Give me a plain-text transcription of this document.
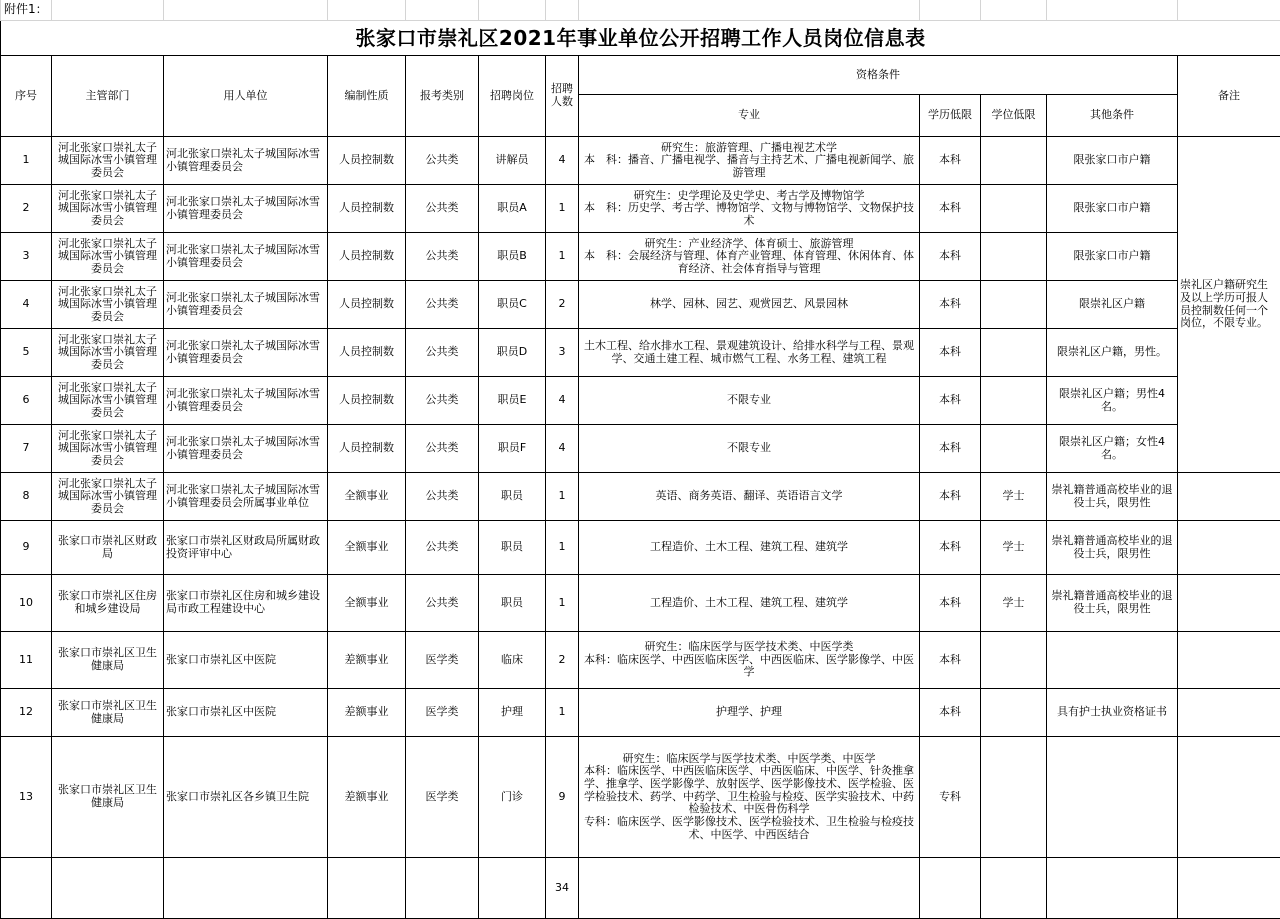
附件1：											
张家口市崇礼区2021年事业单位公开招聘工作人员岗位信息表											
序号	主管部门	用人单位	编制性质	报考类别	招聘岗位	招聘人数	资格条件				备注
							专业	学历低限	学位低限	其他条件	
1	河北张家口崇礼太子城国际冰雪小镇管理委员会	河北张家口崇礼太子城国际冰雪小镇管理委员会	人员控制数	公共类	讲解员	4	研究生：旅游管理、广播电视艺术学
本　科：播音、广播电视学、播音与主持艺术、广播电视新闻学、旅游管理	本科		限张家口市户籍	崇礼区户籍研究生及以上学历可报人员控制数任何一个岗位，不限专业。
2	河北张家口崇礼太子城国际冰雪小镇管理委员会	河北张家口崇礼太子城国际冰雪小镇管理委员会	人员控制数	公共类	职员A	1	研究生：史学理论及史学史、考古学及博物馆学
本　科：历史学、考古学、博物馆学、文物与博物馆学、文物保护技术	本科		限张家口市户籍	
3	河北张家口崇礼太子城国际冰雪小镇管理委员会	河北张家口崇礼太子城国际冰雪小镇管理委员会	人员控制数	公共类	职员B	1	研究生：产业经济学、体育硕士、旅游管理
本　科：会展经济与管理、体育产业管理、体育管理、休闲体育、体育经济、社会体育指导与管理	本科		限张家口市户籍	
4	河北张家口崇礼太子城国际冰雪小镇管理委员会	河北张家口崇礼太子城国际冰雪小镇管理委员会	人员控制数	公共类	职员C	2	林学、园林、园艺、观赏园艺、风景园林	本科		限崇礼区户籍	
5	河北张家口崇礼太子城国际冰雪小镇管理委员会	河北张家口崇礼太子城国际冰雪小镇管理委员会	人员控制数	公共类	职员D	3	土木工程、给水排水工程、景观建筑设计、给排水科学与工程、景观学、交通土建工程、城市燃气工程、水务工程、建筑工程	本科		限崇礼区户籍，男性。	
6	河北张家口崇礼太子城国际冰雪小镇管理委员会	河北张家口崇礼太子城国际冰雪小镇管理委员会	人员控制数	公共类	职员E	4	不限专业	本科		限崇礼区户籍；男性4名。	
7	河北张家口崇礼太子城国际冰雪小镇管理委员会	河北张家口崇礼太子城国际冰雪小镇管理委员会	人员控制数	公共类	职员F	4	不限专业	本科		限崇礼区户籍；女性4名。	
8	河北张家口崇礼太子城国际冰雪小镇管理委员会	河北张家口崇礼太子城国际冰雪小镇管理委员会所属事业单位	全额事业	公共类	职员	1	英语、商务英语、翻译、英语语言文学	本科	学士	崇礼籍普通高校毕业的退役士兵，限男性	
9	张家口市崇礼区财政局	张家口市崇礼区财政局所属财政投资评审中心	全额事业	公共类	职员	1	工程造价、土木工程、建筑工程、建筑学	本科	学士	崇礼籍普通高校毕业的退役士兵，限男性	
10	张家口市崇礼区住房和城乡建设局	张家口市崇礼区住房和城乡建设局市政工程建设中心	全额事业	公共类	职员	1	工程造价、土木工程、建筑工程、建筑学	本科	学士	崇礼籍普通高校毕业的退役士兵，限男性	
11	张家口市崇礼区卫生健康局	张家口市崇礼区中医院	差额事业	医学类	临床	2	研究生：临床医学与医学技术类、中医学类
本科：临床医学、中西医临床医学、中西医临床、医学影像学、中医学	本科			
12	张家口市崇礼区卫生健康局	张家口市崇礼区中医院	差额事业	医学类	护理	1	护理学、护理	本科		具有护士执业资格证书	
13	张家口市崇礼区卫生健康局	张家口市崇礼区各乡镇卫生院	差额事业	医学类	门诊	9	研究生：临床医学与医学技术类、中医学类、中医学
本科：临床医学、中西医临床医学、中西医临床、中医学、针灸推拿学、推拿学、医学影像学、放射医学、医学影像技术、医学检验、医学检验技术、药学、中药学、卫生检验与检疫、医学实验技术、中药检验技术、中医骨伤科学
专科：临床医学、医学影像技术、医学检验技术、卫生检验与检疫技术、中医学、中西医结合	专科			
						34					
